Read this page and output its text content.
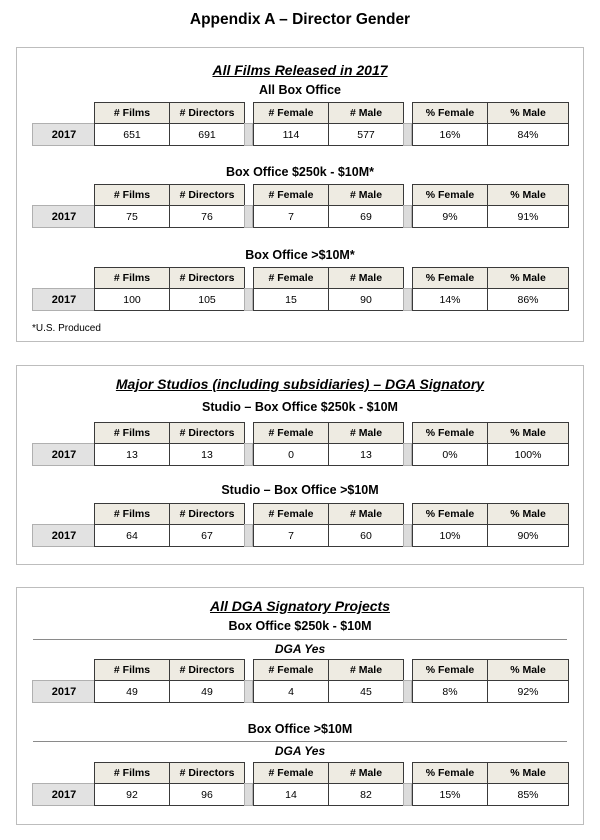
Appendix A – Director Gender
All Films Released in 2017
All Box Office
# Films	# Directors	# Female	# Male	% Female	% Male
2017	651	691	114	577	16%	84%
Box Office $250k - $10M*
# Films	# Directors	# Female	# Male	% Female	% Male
2017	75	76	7	69	9%	91%
Box Office >$10M*
# Films	# Directors	# Female	# Male	% Female	% Male
2017	100	105	15	90	14%	86%
*U.S. Produced
Major Studios (including subsidiaries) – DGA Signatory
Studio – Box Office $250k - $10M
# Films	# Directors	# Female	# Male	% Female	% Male
2017	13	13	0	13	0%	100%
Studio – Box Office >$10M
# Films	# Directors	# Female	# Male	% Female	% Male
2017	64	67	7	60	10%	90%
All DGA Signatory Projects
Box Office $250k - $10M
DGA Yes
# Films	# Directors	# Female	# Male	% Female	% Male
2017	49	49	4	45	8%	92%
Box Office >$10M
DGA Yes
# Films	# Directors	# Female	# Male	% Female	% Male
2017	92	96	14	82	15%	85%
